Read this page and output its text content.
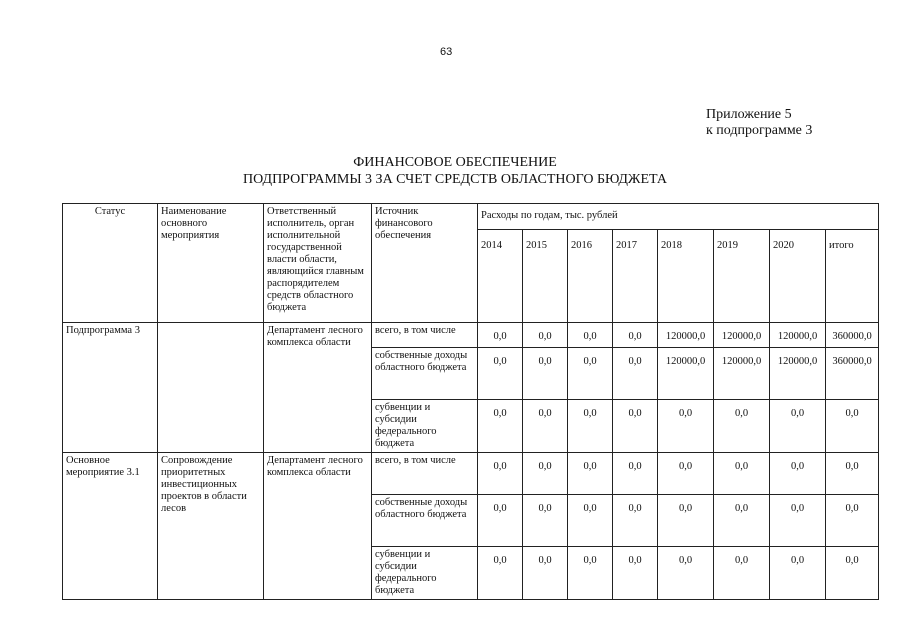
63
Приложение 5
к подпрограмме 3
ФИНАНСОВОЕ ОБЕСПЕЧЕНИЕ
ПОДПРОГРАММЫ 3 ЗА СЧЕТ СРЕДСТВ ОБЛАСТНОГО БЮДЖЕТА
Статус	Наименование основного мероприятия	Ответственный исполнитель, орган исполнительной государственной власти области, являющийся главным распорядителем средств областного бюджета	Источник финансового обеспечения	Расходы по годам, тыс. рублей							
				2014	2015	2016	2017	2018	2019	2020	итого
Подпрограмма 3		Департамент лесного комплекса области	всего, в том числе	0,0	0,0	0,0	0,0	120000,0	120000,0	120000,0	360000,0
			собственные доходы областного бюджета	0,0	0,0	0,0	0,0	120000,0	120000,0	120000,0	360000,0
			субвенции и субсидии федерального бюджета	0,0	0,0	0,0	0,0	0,0	0,0	0,0	0,0
Основное мероприятие 3.1	Сопровождение приоритетных инвестиционных проектов в области лесов	Департамент лесного комплекса области	всего, в том числе	0,0	0,0	0,0	0,0	0,0	0,0	0,0	0,0
			собственные доходы областного бюджета	0,0	0,0	0,0	0,0	0,0	0,0	0,0	0,0
			субвенции и субсидии федерального бюджета	0,0	0,0	0,0	0,0	0,0	0,0	0,0	0,0
